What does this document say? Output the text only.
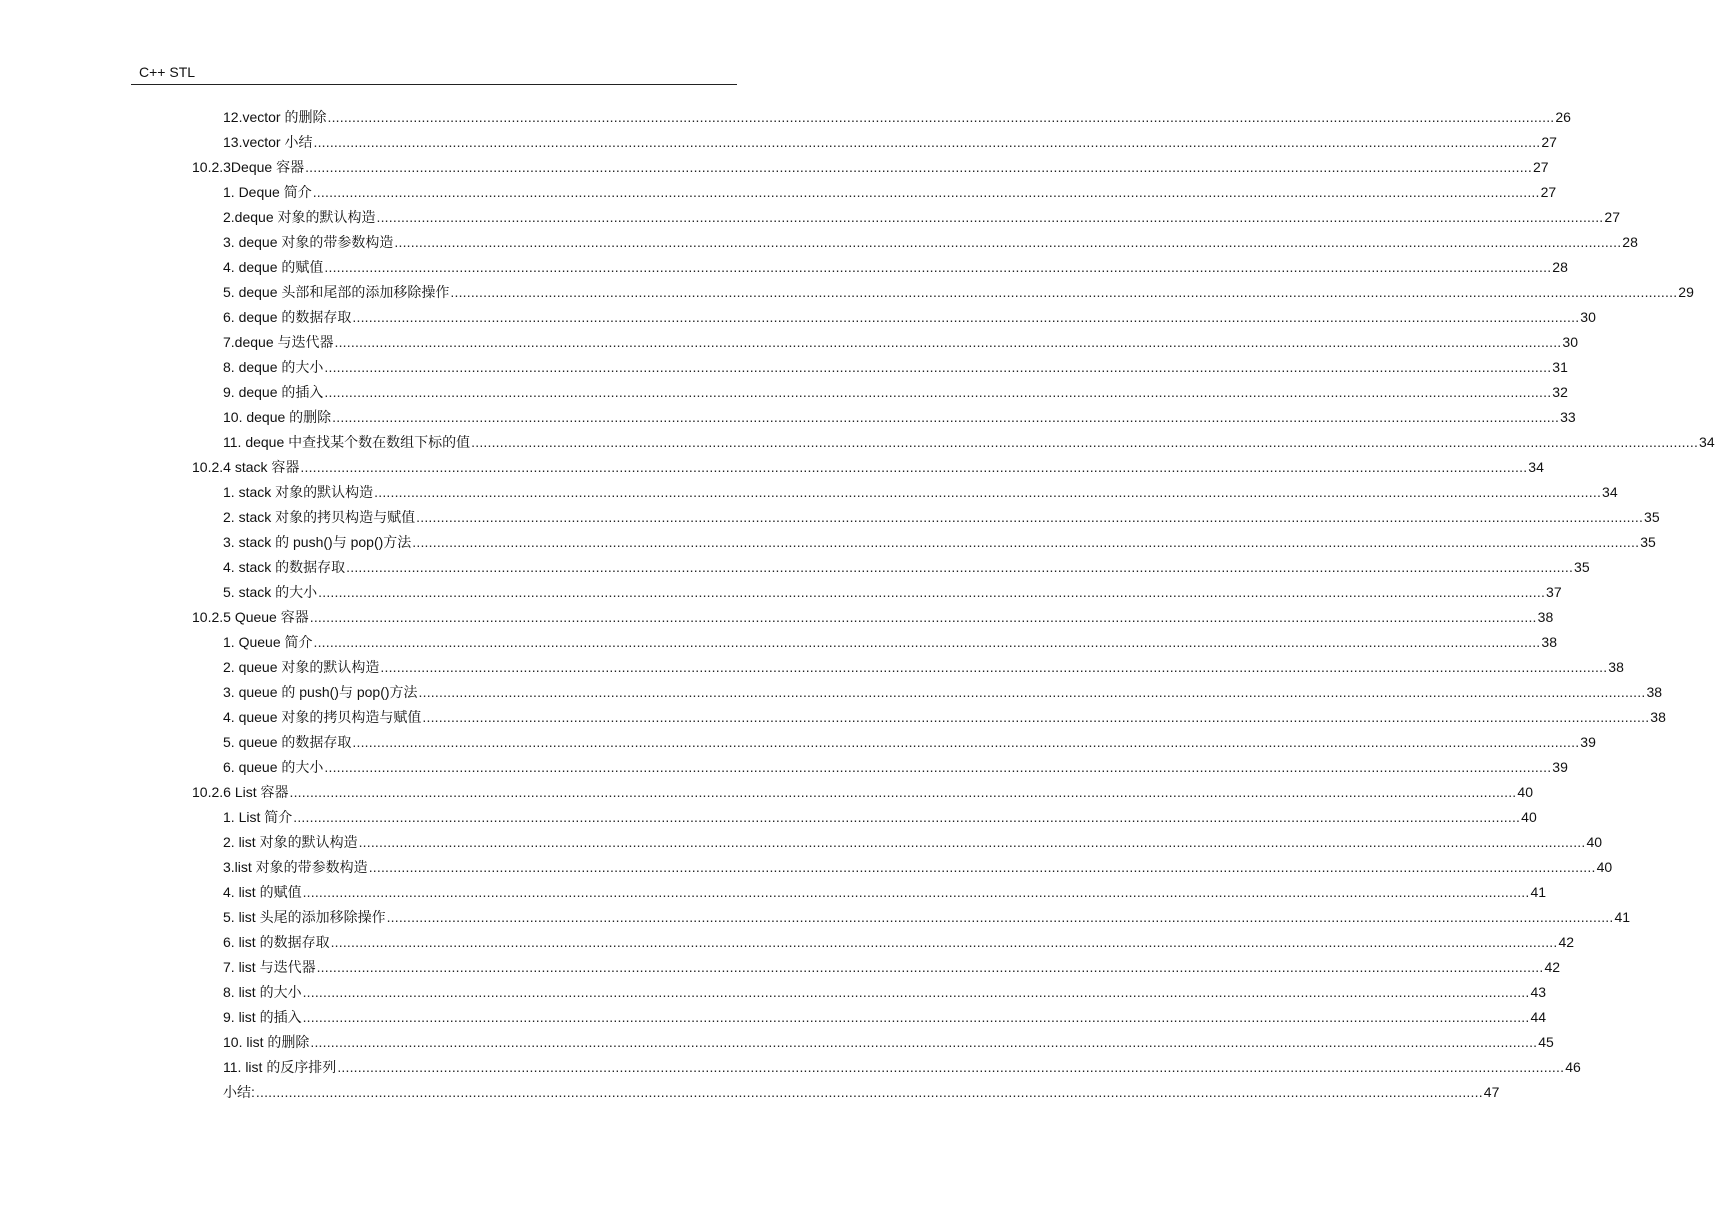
C++ STL
12.vector 的删除 ............................................................................................................................................................................................................................................................................................................ 26
13.vector 小结 ............................................................................................................................................................................................................................................................................................................ 27
10.2.3Deque 容器 ............................................................................................................................................................................................................................................................................................................ 27
1. Deque 简介 ............................................................................................................................................................................................................................................................................................................ 27
2.deque 对象的默认构造 ............................................................................................................................................................................................................................................................................................................ 27
3. deque 对象的带参数构造 ............................................................................................................................................................................................................................................................................................................ 28
4. deque 的赋值 ............................................................................................................................................................................................................................................................................................................ 28
5. deque 头部和尾部的添加移除操作 ............................................................................................................................................................................................................................................................................................................ 29
6. deque 的数据存取 ............................................................................................................................................................................................................................................................................................................ 30
7.deque 与迭代器 ............................................................................................................................................................................................................................................................................................................ 30
8. deque 的大小 ............................................................................................................................................................................................................................................................................................................ 31
9. deque 的插入 ............................................................................................................................................................................................................................................................................................................ 32
10. deque 的删除 ............................................................................................................................................................................................................................................................................................................ 33
11. deque 中查找某个数在数组下标的值 ............................................................................................................................................................................................................................................................................................................ 34
10.2.4 stack 容器 ............................................................................................................................................................................................................................................................................................................ 34
1. stack 对象的默认构造 ............................................................................................................................................................................................................................................................................................................ 34
2. stack 对象的拷贝构造与赋值 ............................................................................................................................................................................................................................................................................................................ 35
3. stack 的 push()与 pop()方法 ............................................................................................................................................................................................................................................................................................................ 35
4. stack 的数据存取 ............................................................................................................................................................................................................................................................................................................ 35
5. stack 的大小 ............................................................................................................................................................................................................................................................................................................ 37
10.2.5 Queue 容器 ............................................................................................................................................................................................................................................................................................................ 38
1. Queue 简介 ............................................................................................................................................................................................................................................................................................................ 38
2. queue 对象的默认构造 ............................................................................................................................................................................................................................................................................................................ 38
3. queue 的 push()与 pop()方法 ............................................................................................................................................................................................................................................................................................................ 38
4. queue 对象的拷贝构造与赋值 ............................................................................................................................................................................................................................................................................................................ 38
5. queue 的数据存取 ............................................................................................................................................................................................................................................................................................................ 39
6. queue 的大小 ............................................................................................................................................................................................................................................................................................................ 39
10.2.6 List 容器 ............................................................................................................................................................................................................................................................................................................ 40
1. List 简介 ............................................................................................................................................................................................................................................................................................................ 40
2. list 对象的默认构造 ............................................................................................................................................................................................................................................................................................................ 40
3.list 对象的带参数构造 ............................................................................................................................................................................................................................................................................................................ 40
4. list 的赋值 ............................................................................................................................................................................................................................................................................................................ 41
5. list 头尾的添加移除操作 ............................................................................................................................................................................................................................................................................................................ 41
6. list 的数据存取 ............................................................................................................................................................................................................................................................................................................ 42
7. list 与迭代器 ............................................................................................................................................................................................................................................................................................................ 42
8. list 的大小 ............................................................................................................................................................................................................................................................................................................ 43
9. list 的插入 ............................................................................................................................................................................................................................................................................................................ 44
10. list 的删除 ............................................................................................................................................................................................................................................................................................................ 45
11. list 的反序排列 ............................................................................................................................................................................................................................................................................................................ 46
小结: ............................................................................................................................................................................................................................................................................................................ 47
